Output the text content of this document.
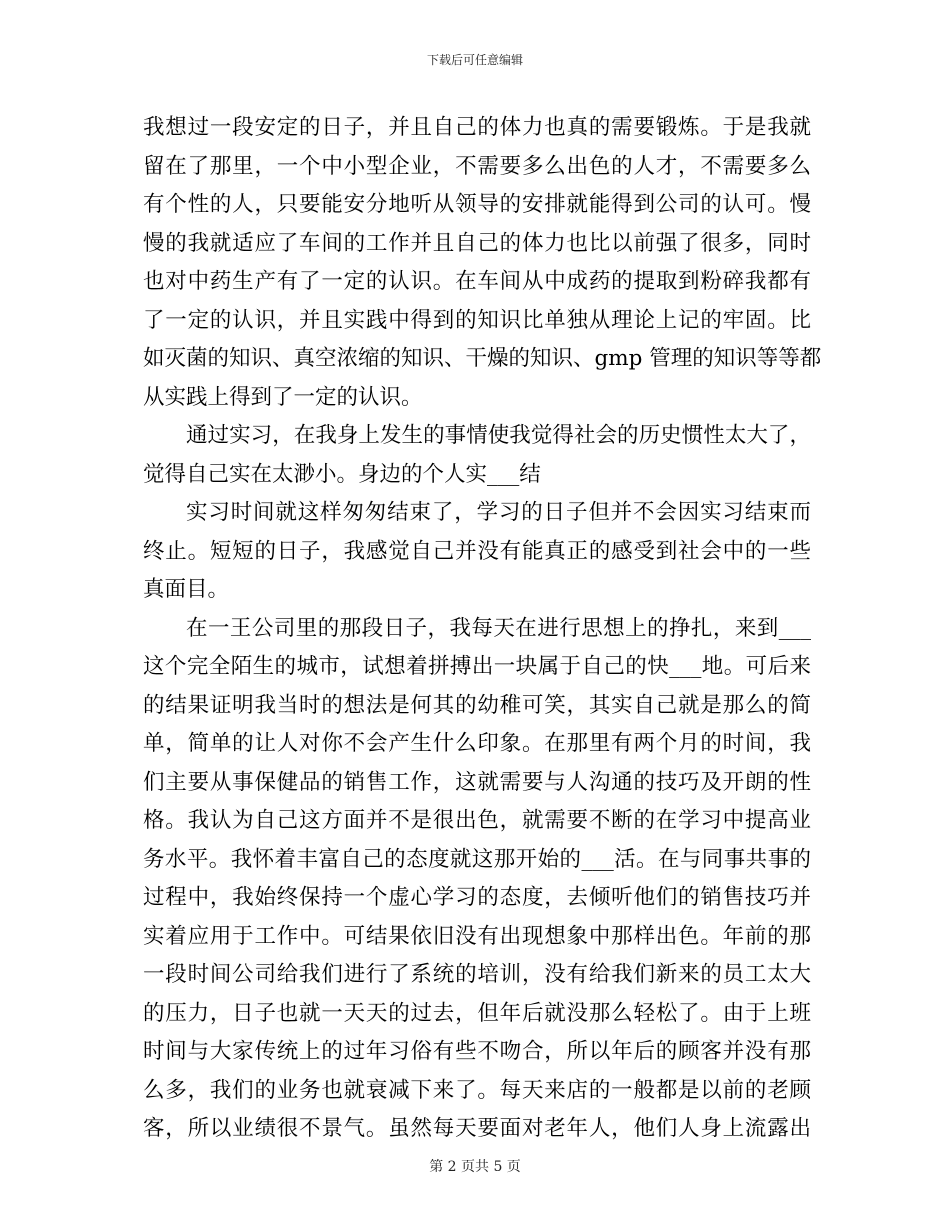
下载后可任意编辑
我想过一段安定的日子，并且自己的体力也真的需要锻炼。于是我就
留在了那里，一个中小型企业，不需要多么出色的人才，不需要多么
有个性的人，只要能安分地听从领导的安排就能得到公司的认可。慢
慢的我就适应了车间的工作并且自己的体力也比以前强了很多，同时
也对中药生产有了一定的认识。在车间从中成药的提取到粉碎我都有
了一定的认识，并且实践中得到的知识比单独从理论上记的牢固。比
如灭菌的知识、真空浓缩的知识、干燥的知识、gmp 管理的知识等等都
从实践上得到了一定的认识。
通过实习，在我身上发生的事情使我觉得社会的历史惯性太大了，
觉得自己实在太渺小。身边的个人实___结
实习时间就这样匆匆结束了，学习的日子但并不会因实习结束而
终止。短短的日子，我感觉自己并没有能真正的感受到社会中的一些
真面目。
在一王公司里的那段日子，我每天在进行思想上的挣扎，来到___
这个完全陌生的城市，试想着拼搏出一块属于自己的快___地。可后来
的结果证明我当时的想法是何其的幼稚可笑，其实自己就是那么的简
单，简单的让人对你不会产生什么印象。在那里有两个月的时间，我
们主要从事保健品的销售工作，这就需要与人沟通的技巧及开朗的性
格。我认为自己这方面并不是很出色，就需要不断的在学习中提高业
务水平。我怀着丰富自己的态度就这那开始的___活。在与同事共事的
过程中，我始终保持一个虚心学习的态度，去倾听他们的销售技巧并
实着应用于工作中。可结果依旧没有出现想象中那样出色。年前的那
一段时间公司给我们进行了系统的培训，没有给我们新来的员工太大
的压力，日子也就一天天的过去，但年后就没那么轻松了。由于上班
时间与大家传统上的过年习俗有些不吻合，所以年后的顾客并没有那
么多，我们的业务也就衰减下来了。每天来店的一般都是以前的老顾
客，所以业绩很不景气。虽然每天要面对老年人，他们人身上流露出
第 2 页共 5 页
